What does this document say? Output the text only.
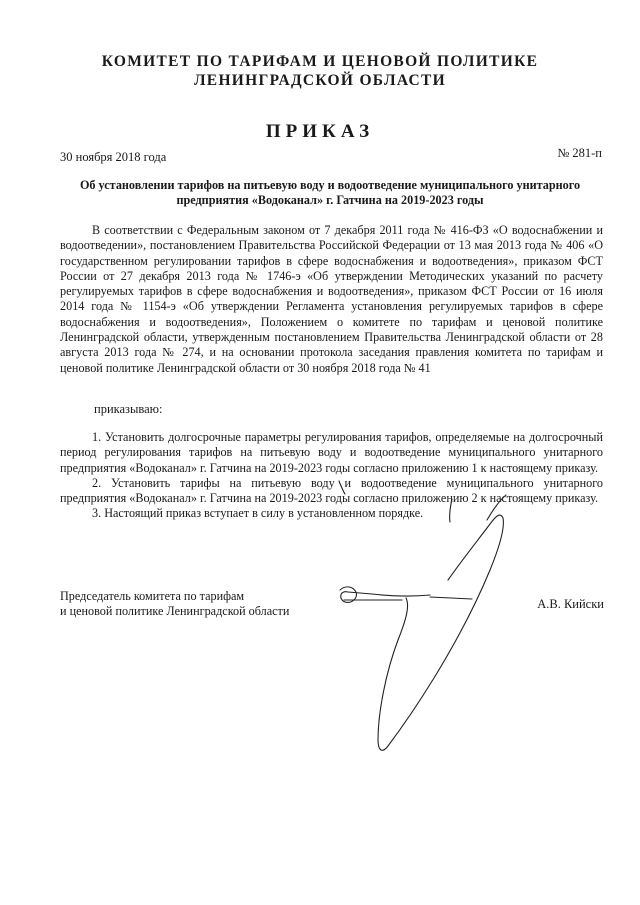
КОМИТЕТ ПО ТАРИФАМ И ЦЕНОВОЙ ПОЛИТИКЕ
ЛЕНИНГРАДСКОЙ ОБЛАСТИ
ПРИКАЗ
30 ноября 2018 года	№ 281-п
Об установлении тарифов на питьевую воду и водоотведение муниципального унитарного предприятия «Водоканал» г. Гатчина на 2019-2023 годы
В соответствии с Федеральным законом от 7 декабря 2011 года № 416-ФЗ «О водоснабжении и водоотведении», постановлением Правительства Российской Федерации от 13 мая 2013 года № 406 «О государственном регулировании тарифов в сфере водоснабжения и водоотведения», приказом ФСТ России от 27 декабря 2013 года № 1746-э «Об утверждении Методических указаний по расчету регулируемых тарифов в сфере водоснабжения и водоотведения», приказом ФСТ России от 16 июля 2014 года № 1154-э «Об утверждении Регламента установления регулируемых тарифов в сфере водоснабжения и водоотведения», Положением о комитете по тарифам и ценовой политике Ленинградской области, утвержденным постановлением Правительства Ленинградской области от 28 августа 2013 года № 274, и на основании протокола заседания правления комитета по тарифам и ценовой политике Ленинградской области от 30 ноября 2018 года № 41
приказываю:

1. Установить долгосрочные параметры регулирования тарифов, определяемые на долгосрочный период регулирования тарифов на питьевую воду и водоотведение муниципального унитарного предприятия «Водоканал» г. Гатчина на 2019-2023 годы согласно приложению 1 к настоящему приказу.

2. Установить тарифы на питьевую воду и водоотведение муниципального унитарного предприятия «Водоканал» г. Гатчина на 2019-2023 годы согласно приложению 2 к настоящему приказу.

3. Настоящий приказ вступает в силу в установленном порядке.

Председатель комитета по тарифам
и ценовой политике Ленинградской области
А.В. Кийски
